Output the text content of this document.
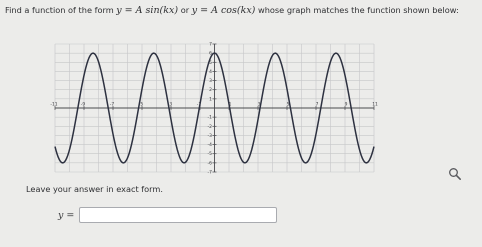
Find a function of the form y = A sin(kx) or y = A cos(kx) whose graph matches the function shown below:
-11	-9	-7	-5	-3	-1	1	3	5	7	9	11
7
6
5
4
3
2
1
-1
-2
-3
-4
-5
-6
-7
Leave your answer in exact form.
y =
